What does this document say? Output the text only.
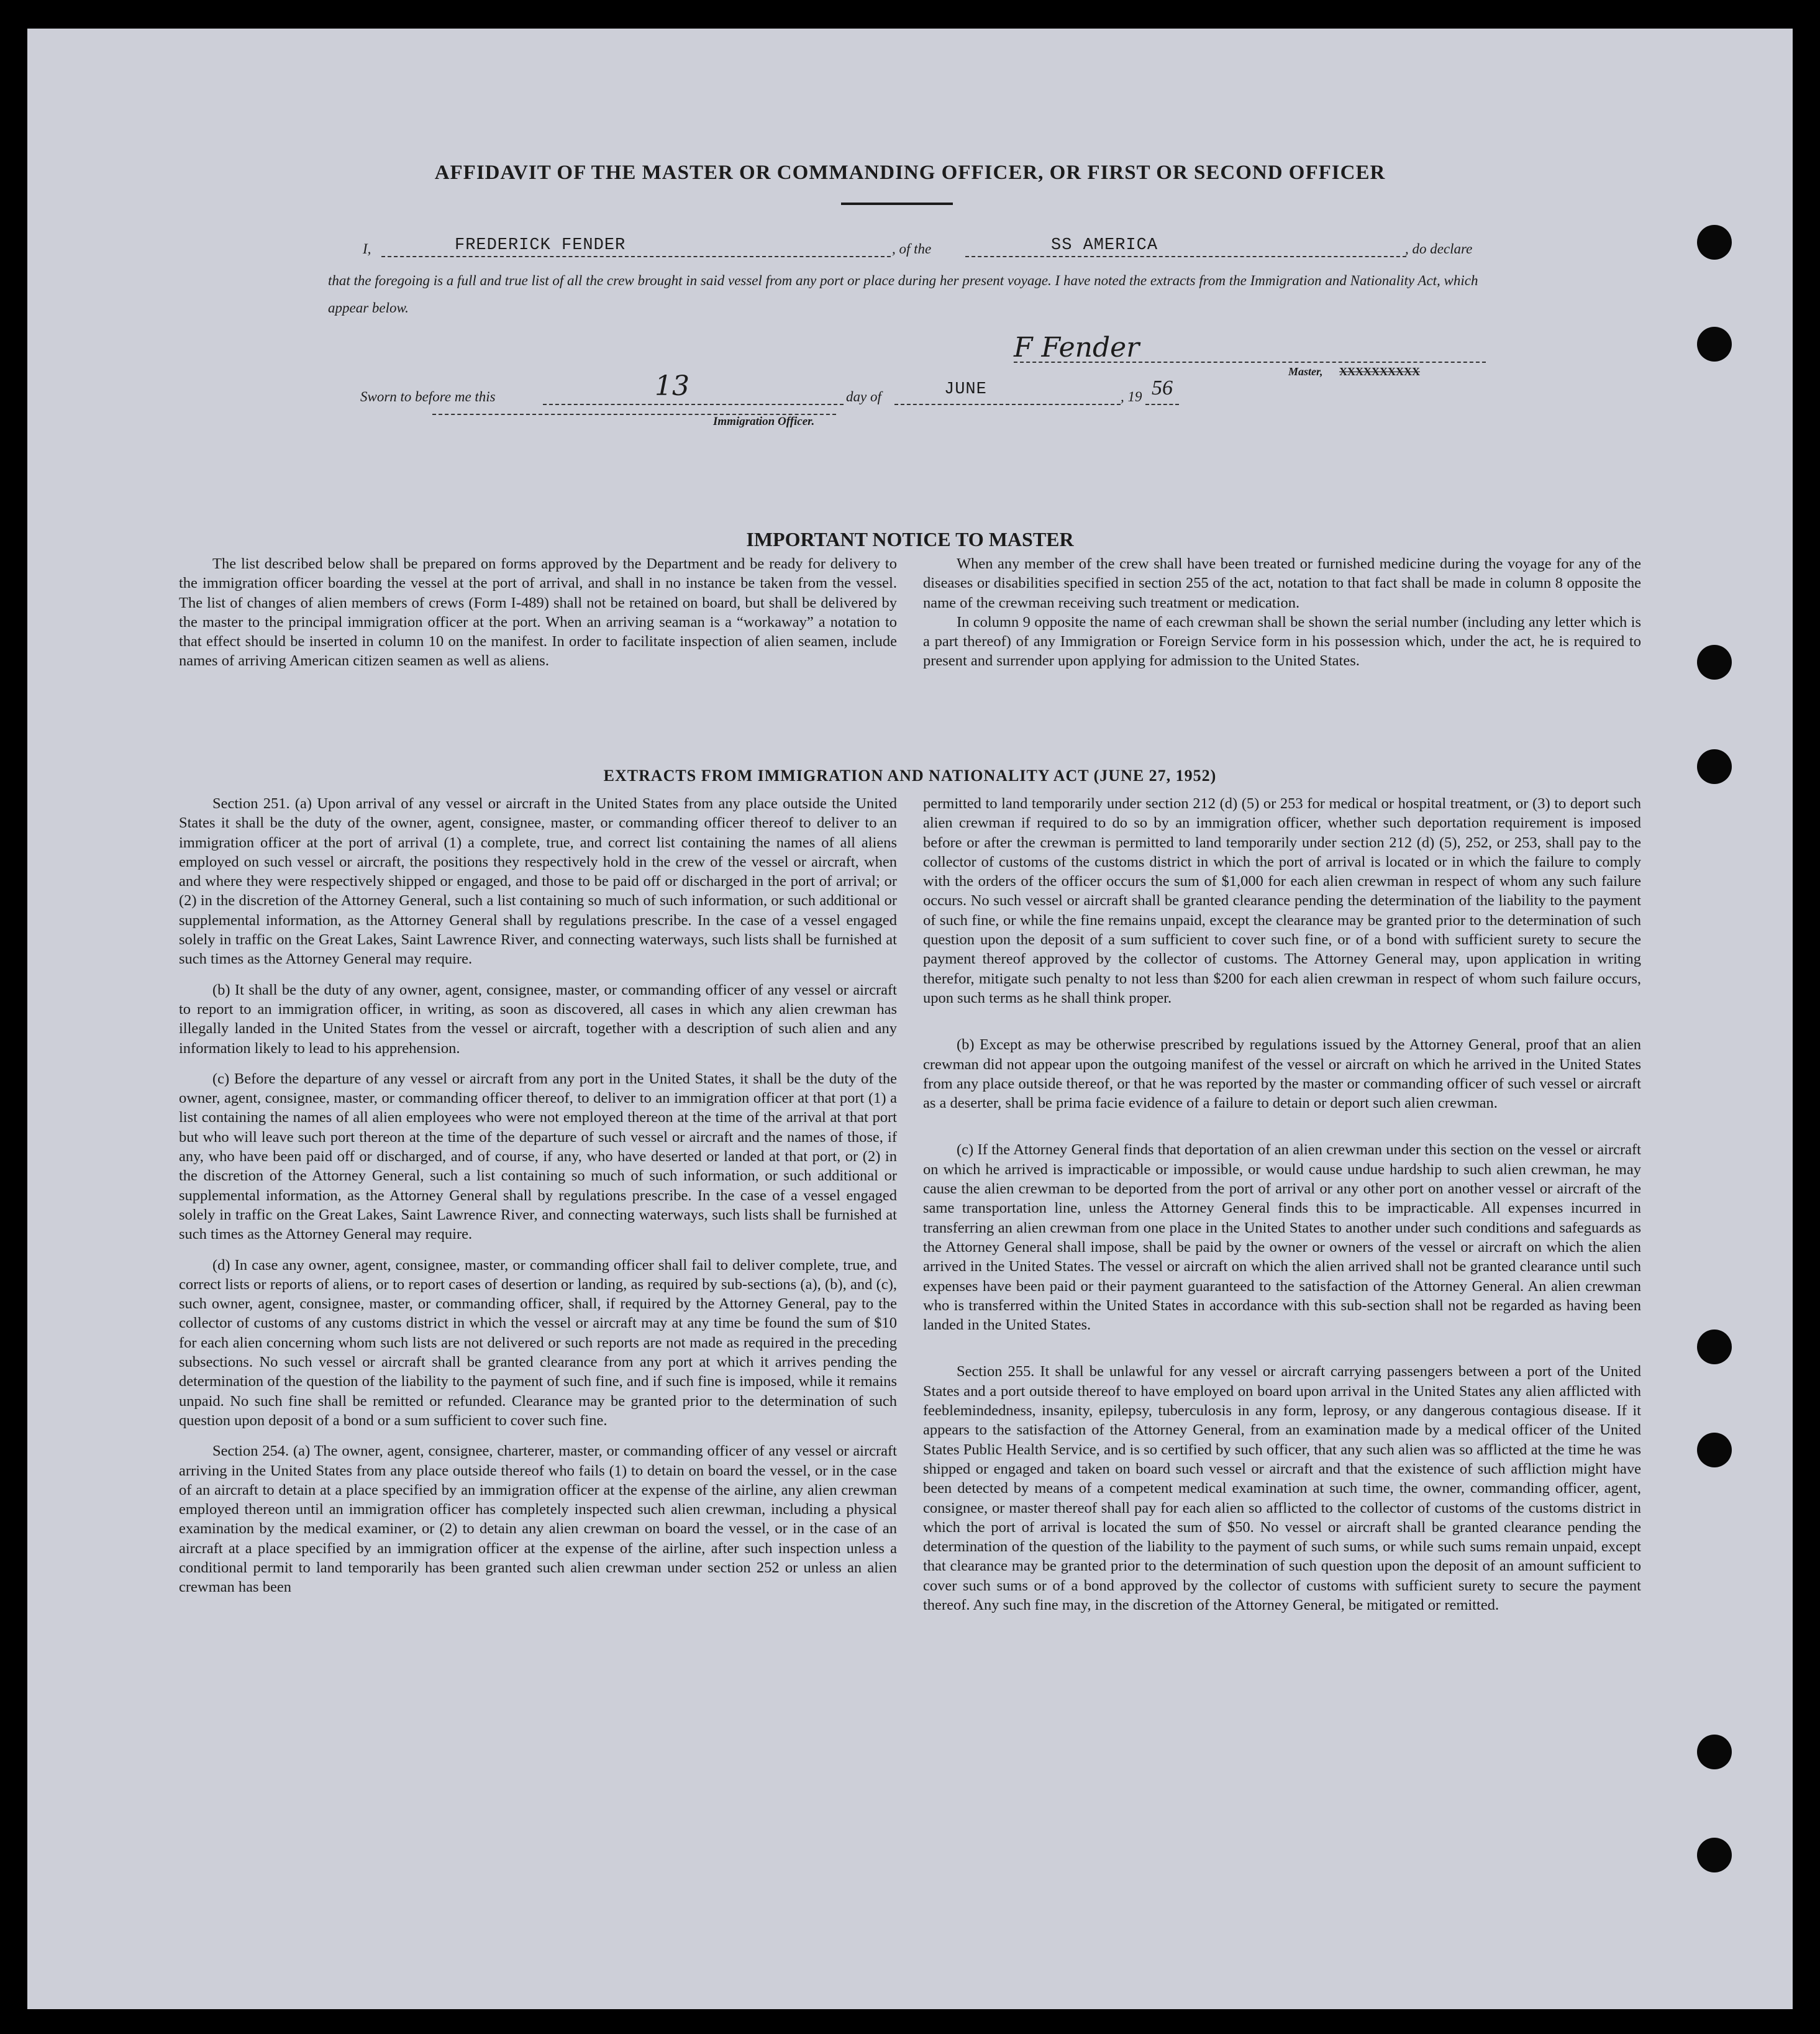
AFFIDAVIT OF THE MASTER OR COMMANDING OFFICER, OR FIRST OR SECOND OFFICER
I,	FREDERICK FENDER	, of the	SS AMERICA	, do declare
that the foregoing is a full and true list of all the crew brought in said vessel from any port or place during her present voyage. I have noted the extracts from the Immigration and Nationality Act, which appear below.
F Fender
Master, XXXXXXXXXX
Sworn to before me this	13	day of	JUNE	, 19 56
Immigration Officer.
IMPORTANT NOTICE TO MASTER

The list described below shall be prepared on forms approved by the Department and be ready for delivery to the immigration officer boarding the vessel at the port of arrival, and shall in no instance be taken from the vessel. The list of changes of alien members of crews (Form I-489) shall not be retained on board, but shall be delivered by the master to the principal immigration officer at the port. When an arriving seaman is a “workaway” a notation to that effect should be inserted in column 10 on the manifest. In order to facilitate inspection of alien seamen, include names of arriving American citizen seamen as well as aliens.

When any member of the crew shall have been treated or furnished medicine during the voyage for any of the diseases or disabilities specified in section 255 of the act, notation to that fact shall be made in column 8 opposite the name of the crewman receiving such treatment or medication.

In column 9 opposite the name of each crewman shall be shown the serial number (including any letter which is a part thereof) of any Immigration or Foreign Service form in his possession which, under the act, he is required to present and surrender upon applying for admission to the United States.

EXTRACTS FROM IMMIGRATION AND NATIONALITY ACT (JUNE 27, 1952)

Section 251. (a) Upon arrival of any vessel or aircraft in the United States from any place outside the United States it shall be the duty of the owner, agent, consignee, master, or commanding officer thereof to deliver to an immigration officer at the port of arrival (1) a complete, true, and correct list containing the names of all aliens employed on such vessel or aircraft, the positions they respectively hold in the crew of the vessel or aircraft, when and where they were respectively shipped or engaged, and those to be paid off or discharged in the port of arrival; or (2) in the discretion of the Attorney General, such a list containing so much of such information, or such additional or supplemental information, as the Attorney General shall by regulations prescribe. In the case of a vessel engaged solely in traffic on the Great Lakes, Saint Lawrence River, and connecting waterways, such lists shall be furnished at such times as the Attorney General may require.

(b) It shall be the duty of any owner, agent, consignee, master, or commanding officer of any vessel or aircraft to report to an immigration officer, in writing, as soon as discovered, all cases in which any alien crewman has illegally landed in the United States from the vessel or aircraft, together with a description of such alien and any information likely to lead to his apprehension.

(c) Before the departure of any vessel or aircraft from any port in the United States, it shall be the duty of the owner, agent, consignee, master, or commanding officer thereof, to deliver to an immigration officer at that port (1) a list containing the names of all alien employees who were not employed thereon at the time of the arrival at that port but who will leave such port thereon at the time of the departure of such vessel or aircraft and the names of those, if any, who have been paid off or discharged, and of course, if any, who have deserted or landed at that port, or (2) in the discretion of the Attorney General, such a list containing so much of such information, or such additional or supplemental information, as the Attorney General shall by regulations prescribe. In the case of a vessel engaged solely in traffic on the Great Lakes, Saint Lawrence River, and connecting waterways, such lists shall be furnished at such times as the Attorney General may require.

(d) In case any owner, agent, consignee, master, or commanding officer shall fail to deliver complete, true, and correct lists or reports of aliens, or to report cases of desertion or landing, as required by sub-sections (a), (b), and (c), such owner, agent, consignee, master, or commanding officer, shall, if required by the Attorney General, pay to the collector of customs of any customs district in which the vessel or aircraft may at any time be found the sum of $10 for each alien concerning whom such lists are not delivered or such reports are not made as required in the preceding subsections. No such vessel or aircraft shall be granted clearance from any port at which it arrives pending the determination of the question of the liability to the payment of such fine, and if such fine is imposed, while it remains unpaid. No such fine shall be remitted or refunded. Clearance may be granted prior to the determination of such question upon deposit of a bond or a sum sufficient to cover such fine.

Section 254. (a) The owner, agent, consignee, charterer, master, or commanding officer of any vessel or aircraft arriving in the United States from any place outside thereof who fails (1) to detain on board the vessel, or in the case of an aircraft to detain at a place specified by an immigration officer at the expense of the airline, any alien crewman employed thereon until an immigration officer has completely inspected such alien crewman, including a physical examination by the medical examiner, or (2) to detain any alien crewman on board the vessel, or in the case of an aircraft at a place specified by an immigration officer at the expense of the airline, after such inspection unless a conditional permit to land temporarily has been granted such alien crewman under section 252 or unless an alien crewman has been

permitted to land temporarily under section 212 (d) (5) or 253 for medical or hospital treatment, or (3) to deport such alien crewman if required to do so by an immigration officer, whether such deportation requirement is imposed before or after the crewman is permitted to land temporarily under section 212 (d) (5), 252, or 253, shall pay to the collector of customs of the customs district in which the port of arrival is located or in which the failure to comply with the orders of the officer occurs the sum of $1,000 for each alien crewman in respect of whom any such failure occurs. No such vessel or aircraft shall be granted clearance pending the determination of the liability to the payment of such fine, or while the fine remains unpaid, except the clearance may be granted prior to the determination of such question upon the deposit of a sum sufficient to cover such fine, or of a bond with sufficient surety to secure the payment thereof approved by the collector of customs. The Attorney General may, upon application in writing therefor, mitigate such penalty to not less than $200 for each alien crewman in respect of whom such failure occurs, upon such terms as he shall think proper.

(b) Except as may be otherwise prescribed by regulations issued by the Attorney General, proof that an alien crewman did not appear upon the outgoing manifest of the vessel or aircraft on which he arrived in the United States from any place outside thereof, or that he was reported by the master or commanding officer of such vessel or aircraft as a deserter, shall be prima facie evidence of a failure to detain or deport such alien crewman.

(c) If the Attorney General finds that deportation of an alien crewman under this section on the vessel or aircraft on which he arrived is impracticable or impossible, or would cause undue hardship to such alien crewman, he may cause the alien crewman to be deported from the port of arrival or any other port on another vessel or aircraft of the same transportation line, unless the Attorney General finds this to be impracticable. All expenses incurred in transferring an alien crewman from one place in the United States to another under such conditions and safeguards as the Attorney General shall impose, shall be paid by the owner or owners of the vessel or aircraft on which the alien arrived in the United States. The vessel or aircraft on which the alien arrived shall not be granted clearance until such expenses have been paid or their payment guaranteed to the satisfaction of the Attorney General. An alien crewman who is transferred within the United States in accordance with this sub-section shall not be regarded as having been landed in the United States.

Section 255. It shall be unlawful for any vessel or aircraft carrying passengers between a port of the United States and a port outside thereof to have employed on board upon arrival in the United States any alien afflicted with feeblemindedness, insanity, epilepsy, tuberculosis in any form, leprosy, or any dangerous contagious disease. If it appears to the satisfaction of the Attorney General, from an examination made by a medical officer of the United States Public Health Service, and is so certified by such officer, that any such alien was so afflicted at the time he was shipped or engaged and taken on board such vessel or aircraft and that the existence of such affliction might have been detected by means of a competent medical examination at such time, the owner, commanding officer, agent, consignee, or master thereof shall pay for each alien so afflicted to the collector of customs of the customs district in which the port of arrival is located the sum of $50. No vessel or aircraft shall be granted clearance pending the determination of the question of the liability to the payment of such sums, or while such sums remain unpaid, except that clearance may be granted prior to the determination of such question upon the deposit of an amount sufficient to cover such sums or of a bond approved by the collector of customs with sufficient surety to secure the payment thereof. Any such fine may, in the discretion of the Attorney General, be mitigated or remitted.
